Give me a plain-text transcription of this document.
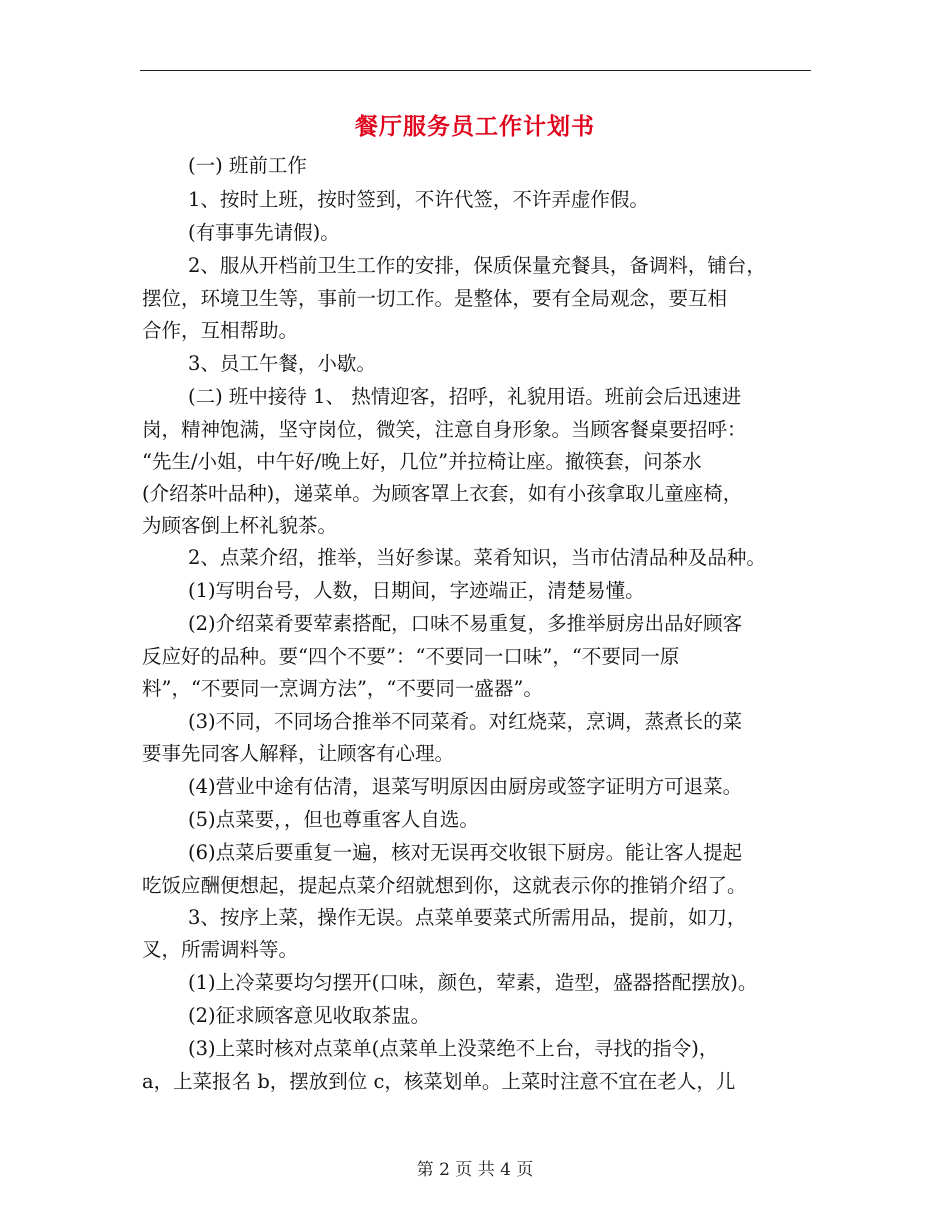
餐厅服务员工作计划书
(一) 班前工作
1、按时上班，按时签到，不许代签，不许弄虚作假。
(有事事先请假)。
2、服从开档前卫生工作的安排，保质保量充餐具，备调料，铺台，
摆位，环境卫生等，事前一切工作。是整体，要有全局观念，要互相
合作，互相帮助。
3、员工午餐，小歇。
(二) 班中接待 1、 热情迎客，招呼，礼貌用语。班前会后迅速进
岗，精神饱满，坚守岗位，微笑，注意自身形象。当顾客餐桌要招呼：
“先生/小姐，中午好/晚上好，几位”并拉椅让座。撤筷套，问茶水
(介绍茶叶品种)，递菜单。为顾客罩上衣套，如有小孩拿取儿童座椅，
为顾客倒上杯礼貌茶。
2、点菜介绍，推举，当好参谋。菜肴知识，当市估清品种及品种。
(1)写明台号，人数，日期间，字迹端正，清楚易懂。
(2)介绍菜肴要荤素搭配，口味不易重复，多推举厨房出品好顾客
反应好的品种。要“四个不要”：“不要同一口味”，“不要同一原
料”，“不要同一烹调方法”，“不要同一盛器”。
(3)不同，不同场合推举不同菜肴。对红烧菜，烹调，蒸煮长的菜
要事先同客人解释，让顾客有心理。
(4)营业中途有估清，退菜写明原因由厨房或签字证明方可退菜。
(5)点菜要，，但也尊重客人自选。
(6)点菜后要重复一遍，核对无误再交收银下厨房。能让客人提起
吃饭应酬便想起，提起点菜介绍就想到你，这就表示你的推销介绍了。
3、按序上菜，操作无误。点菜单要菜式所需用品，提前，如刀，
叉，所需调料等。
(1)上冷菜要均匀摆开(口味，颜色，荤素，造型，盛器搭配摆放)。
(2)征求顾客意见收取茶盅。
(3)上菜时核对点菜单(点菜单上没菜绝不上台，寻找的指令)，
a，上菜报名 b，摆放到位 c，核菜划单。上菜时注意不宜在老人，儿
第 2 页 共 4 页
